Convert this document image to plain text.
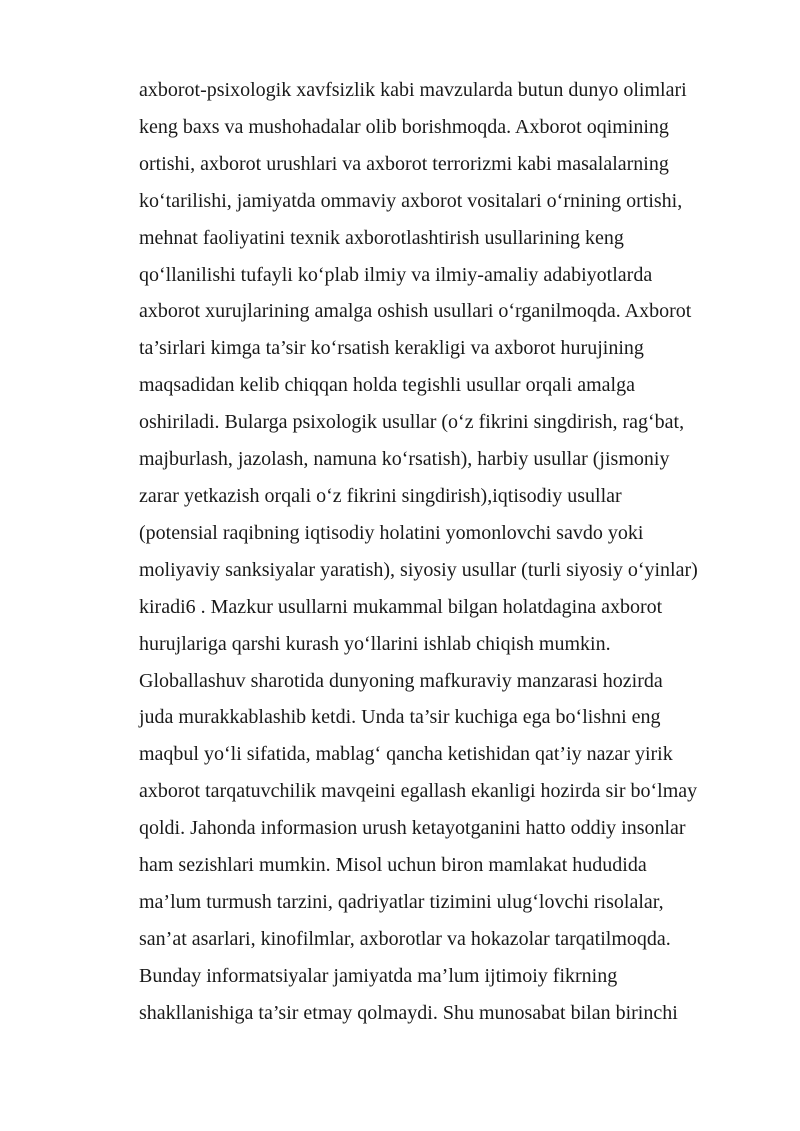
axborot-psixologik xavfsizlik kabi mavzularda butun dunyo olimlari
keng baxs va mushohadalar olib borishmoqda. Axborot oqimining
ortishi, axborot urushlari va axborot terrorizmi kabi masalalarning
ko‘tarilishi, jamiyatda ommaviy axborot vositalari o‘rnining ortishi,
mehnat faoliyatini texnik axborotlashtirish usullarining keng
qo‘llanilishi tufayli ko‘plab ilmiy va ilmiy-amaliy adabiyotlarda
axborot xurujlarining amalga oshish usullari o‘rganilmoqda. Axborot
ta’sirlari kimga ta’sir ko‘rsatish kerakligi va axborot hurujining
maqsadidan kelib chiqqan holda tegishli usullar orqali amalga
oshiriladi. Bularga psixologik usullar (o‘z fikrini singdirish, rag‘bat,
majburlash, jazolash, namuna ko‘rsatish), harbiy usullar (jismoniy
zarar yetkazish orqali o‘z fikrini singdirish),iqtisodiy usullar
(potensial raqibning iqtisodiy holatini yomonlovchi savdo yoki
moliyaviy sanksiyalar yaratish), siyosiy usullar (turli siyosiy o‘yinlar)
kiradi6 . Mazkur usullarni mukammal bilgan holatdagina axborot
hurujlariga qarshi kurash yo‘llarini ishlab chiqish mumkin.
Globallashuv sharotida dunyoning mafkuraviy manzarasi hozirda
juda murakkablashib ketdi. Unda ta’sir kuchiga ega bo‘lishni eng
maqbul yo‘li sifatida, mablag‘ qancha ketishidan qat’iy nazar yirik
axborot tarqatuvchilik mavqeini egallash ekanligi hozirda sir bo‘lmay
qoldi. Jahonda informasion urush ketayotganini hatto oddiy insonlar
ham sezishlari mumkin. Misol uchun biron mamlakat hududida
ma’lum turmush tarzini, qadriyatlar tizimini ulug‘lovchi risolalar,
san’at asarlari, kinofilmlar, axborotlar va hokazolar tarqatilmoqda.
Bunday informatsiyalar jamiyatda ma’lum ijtimoiy fikrning
shakllanishiga ta’sir etmay qolmaydi. Shu munosabat bilan birinchi
